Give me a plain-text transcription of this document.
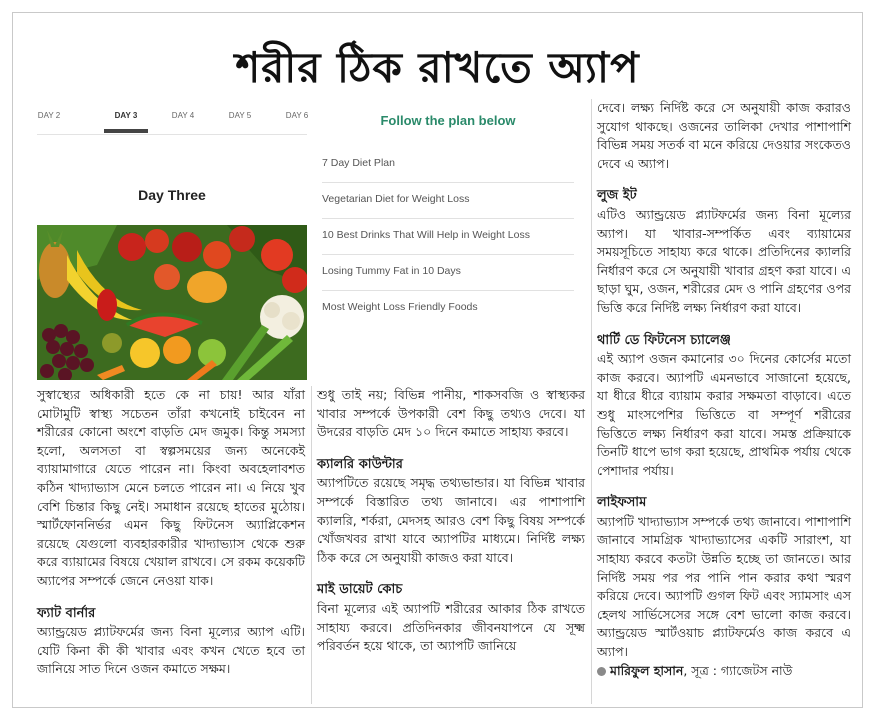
শরীর ঠিক রাখতে অ্যাপ
DAY 2	DAY 3	DAY 4	DAY 5	DAY 6
Day Three
Follow the plan below
7 Day Diet Plan
Vegetarian Diet for Weight Loss
10 Best Drinks That Will Help in Weight Loss
Losing Tummy Fat in 10 Days
Most Weight Loss Friendly Foods

সুস্বাস্থ্যের অধিকারী হতে কে না চায়! আর যাঁরা মোটামুটি স্বাস্থ্য সচেতন তাঁরা কখনোই চাইবেন না শরীরের কোনো অংশে বাড়তি মেদ জমুক। কিন্তু সমস্যা হলো, অলসতা বা স্বল্পসময়ের জন্য অনেকেই ব্যায়ামাগারে যেতে পারেন না। কিংবা অবহেলাবশত কঠিন খাদ্যাভ্যাস মেনে চলতে পারেন না। এ নিয়ে খুব বেশি চিন্তার কিছু নেই। সমাধান রয়েছে হাতের মুঠোয়। স্মার্টফোননির্ভর এমন কিছু ফিটনেস অ্যাপ্লিকেশন রয়েছে যেগুলো ব্যবহারকারীর খাদ্যাভ্যাস থেকে শুরু করে ব্যায়ামের বিষয়ে খেয়াল রাখবে। সে রকম কয়েকটি অ্যাপের সম্পর্কে জেনে নেওয়া যাক।

ফ্যাট বার্নার

অ্যান্ড্রয়েড প্ল্যাটফর্মের জন্য বিনা মূল্যের অ্যাপ এটি। যেটি কিনা কী কী খাবার এবং কখন খেতে হবে তা জানিয়ে সাত দিনে ওজন কমাতে সক্ষম।

শুধু তাই নয়; বিভিন্ন পানীয়, শাকসবজি ও স্বাস্থ্যকর খাবার সম্পর্কে উপকারী বেশ কিছু তথ্যও দেবে। যা উদরের বাড়তি মেদ ১০ দিনে কমাতে সাহায্য করবে।

ক্যালরি কাউন্টার

অ্যাপটিতে রয়েছে সমৃদ্ধ তথ্যভান্ডার। যা বিভিন্ন খাবার সম্পর্কে বিস্তারিত তথ্য জানাবে। এর পাশাপাশি ক্যালরি, শর্করা, মেদসহ আরও বেশ কিছু বিষয় সম্পর্কে খোঁজখবর রাখা যাবে অ্যাপটির মাধ্যমে। নির্দিষ্ট লক্ষ্য ঠিক করে সে অনুযায়ী কাজও করা যাবে।

মাই ডায়েট কোচ

বিনা মূল্যের এই অ্যাপটি শরীরের আকার ঠিক রাখতে সাহায্য করবে। প্রতিদিনকার জীবনযাপনে যে সূক্ষ্ম পরিবর্তন হয়ে থাকে, তা অ্যাপটি জানিয়ে

দেবে। লক্ষ্য নির্দিষ্ট করে সে অনুযায়ী কাজ করারও সুযোগ থাকছে। ওজনের তালিকা দেখার পাশাপাশি বিভিন্ন সময় সতর্ক বা মনে করিয়ে দেওয়ার সংকেতও দেবে এ অ্যাপ।

লুজ ইট

এটিও অ্যান্ড্রয়েড প্ল্যাটফর্মের জন্য বিনা মূল্যের অ্যাপ। যা খাবার-সম্পর্কিত এবং ব্যায়ামের সময়সূচিতে সাহায্য করে থাকে। প্রতিদিনের ক্যালরি নির্ধারণ করে সে অনুযায়ী খাবার গ্রহণ করা যাবে। এ ছাড়া ঘুম, ওজন, শরীরের মেদ ও পানি গ্রহণের ওপর ভিত্তি করে নির্দিষ্ট লক্ষ্য নির্ধারণ করা যাবে।

থার্টি ডে ফিটনেস চ্যালেঞ্জ

এই অ্যাপ ওজন কমানোর ৩০ দিনের কোর্সের মতো কাজ করবে। অ্যাপটি এমনভাবে সাজানো হয়েছে, যা ধীরে ধীরে ব্যায়াম করার সক্ষমতা বাড়াবে। এতে শুধু মাংসপেশির ভিত্তিতে বা সম্পূর্ণ শরীরের ভিত্তিতে লক্ষ্য নির্ধারণ করা যাবে। সমস্ত প্রক্রিয়াকে তিনটি ধাপে ভাগ করা হয়েছে, প্রাথমিক পর্যায় থেকে পেশাদার পর্যায়।

লাইফসাম

অ্যাপটি খাদ্যাভ্যাস সম্পর্কে তথ্য জানাবে। পাশাপাশি জানাবে সামগ্রিক খাদ্যাভ্যাসের একটি সারাংশ, যা সাহায্য করবে কতটা উন্নতি হচ্ছে তা জানতে। আর নির্দিষ্ট সময় পর পর পানি পান করার কথা স্মরণ করিয়ে দেবে। অ্যাপটি গুগল ফিট এবং স্যামসাং এস হেলথ সার্ভিসেসের সঙ্গে বেশ ভালো কাজ করবে। অ্যান্ড্রয়েড স্মার্টওয়াচ প্ল্যাটফর্মেও কাজ করবে এ অ্যাপ।

মারিফুল হাসান, সূত্র : গ্যাজেটস নাউ
